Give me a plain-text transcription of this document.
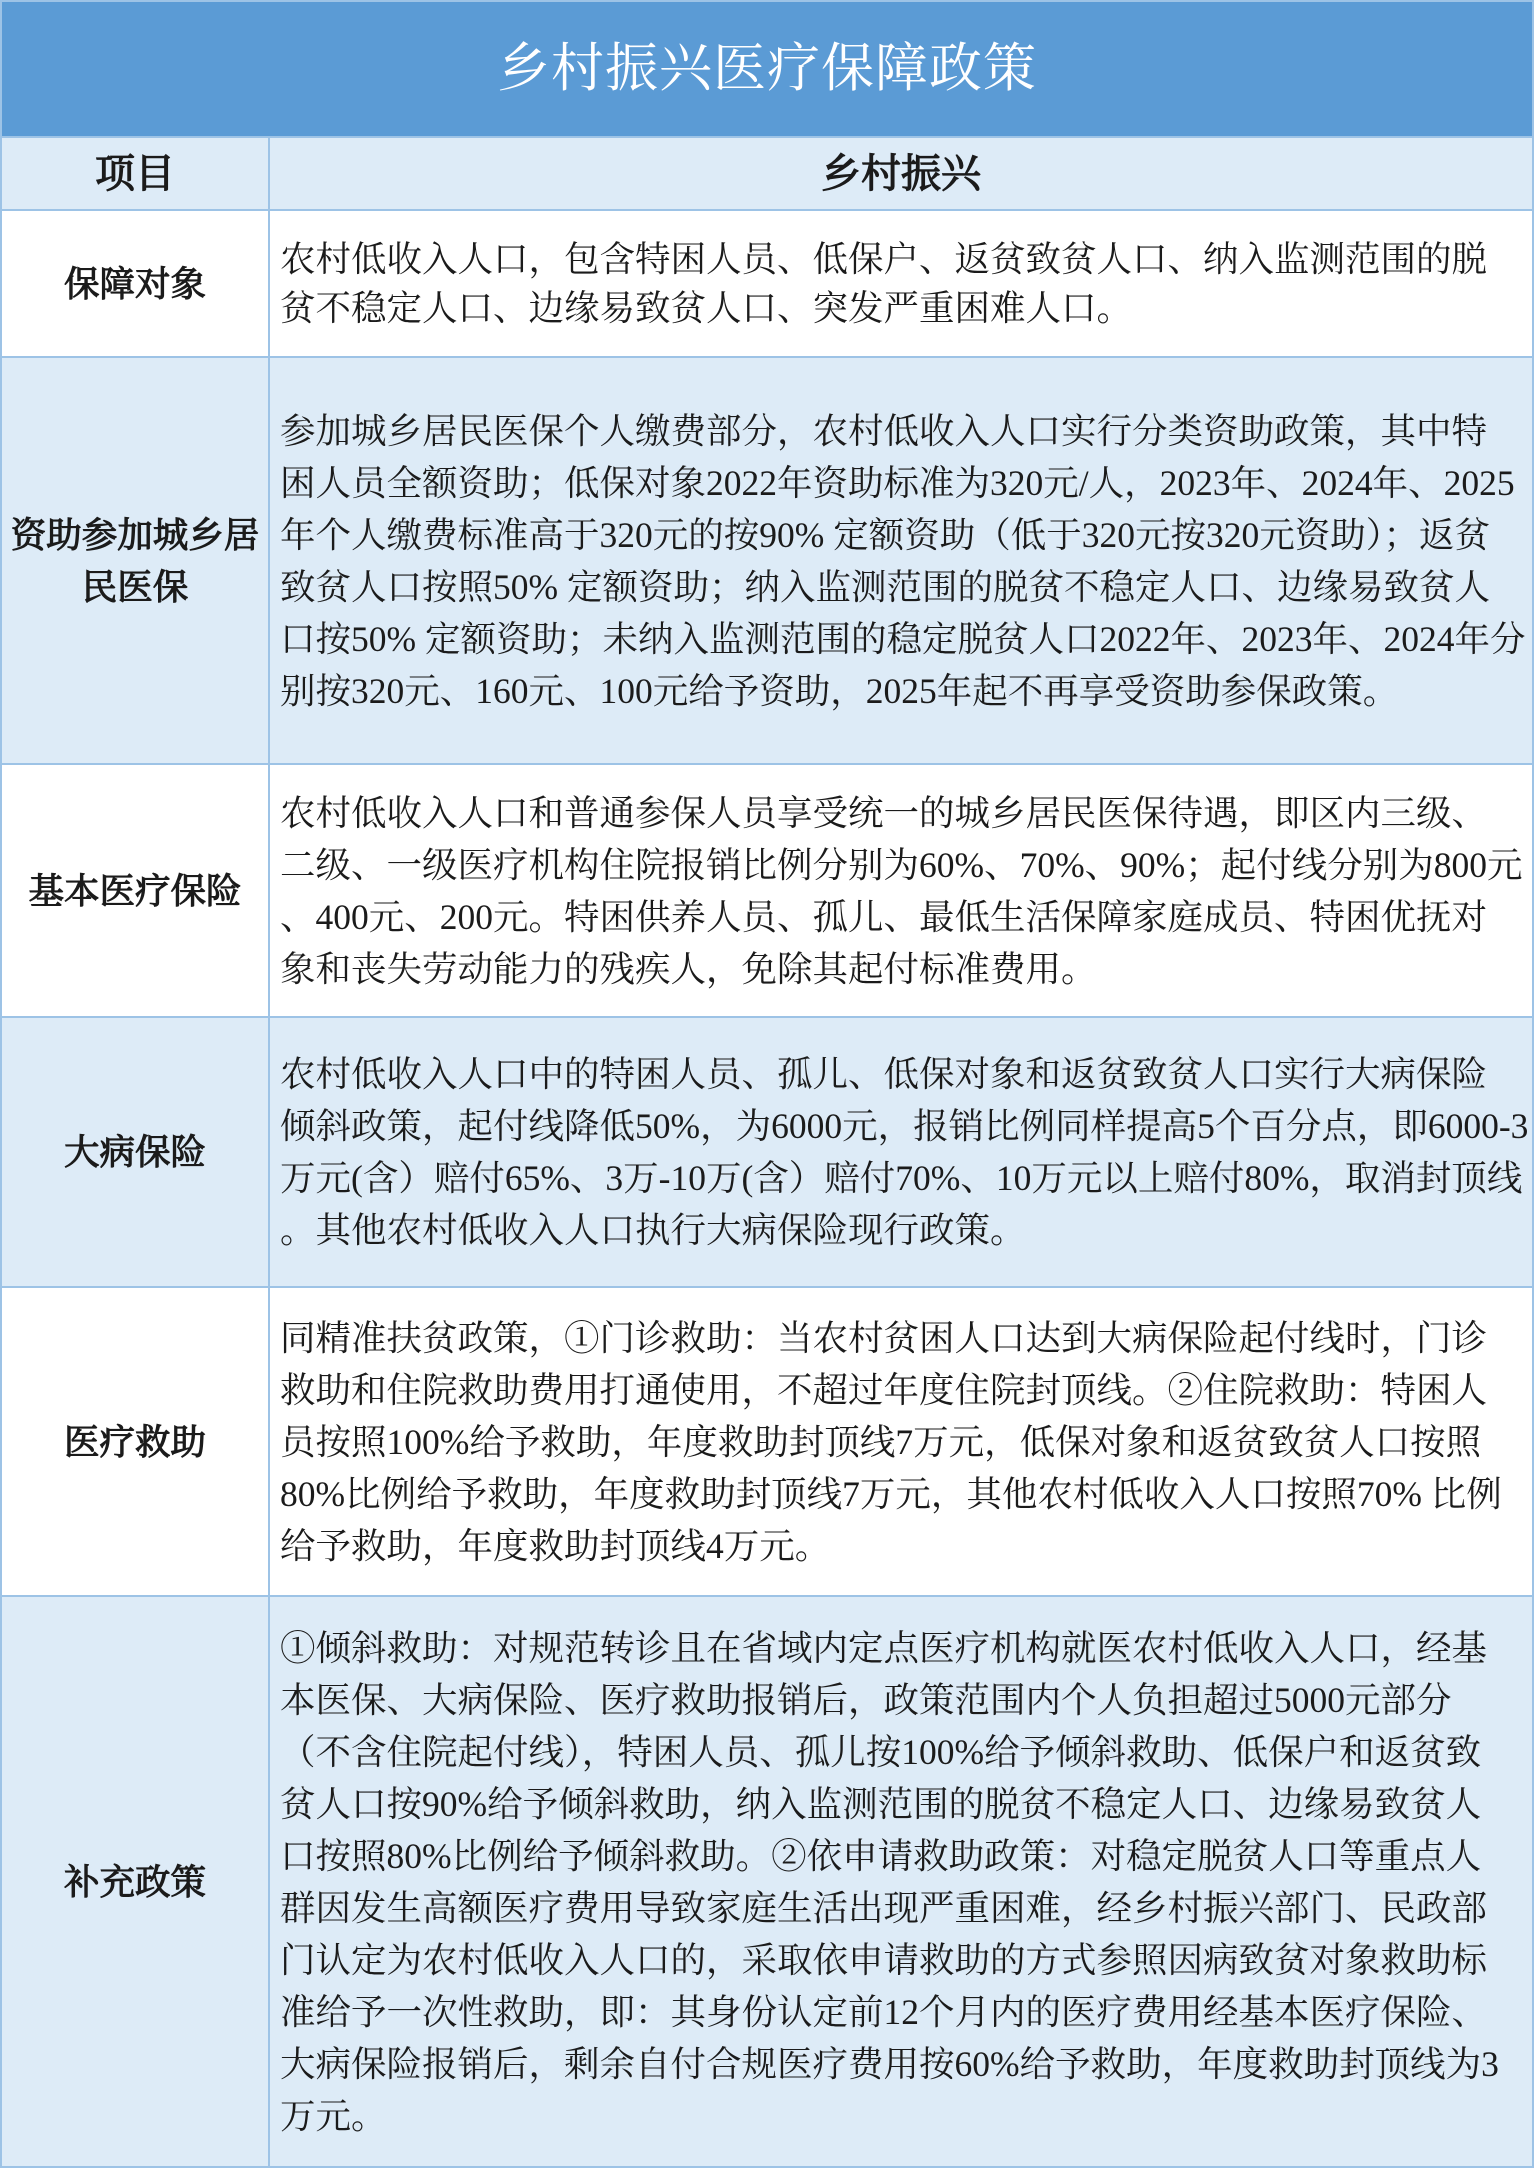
乡村振兴医疗保障政策
项目	乡村振兴
保障对象
农村低收入人口，包含特困人员、低保户、返贫致贫人口、纳入监测范围的脱
贫不稳定人口、边缘易致贫人口、突发严重困难人口。
资助参加城乡居民医保
参加城乡居民医保个人缴费部分，农村低收入人口实行分类资助政策，其中特
困人员全额资助；低保对象2022年资助标准为320元/人，2023年、2024年、2025
年个人缴费标准高于320元的按90% 定额资助（低于320元按320元资助）；返贫
致贫人口按照50% 定额资助；纳入监测范围的脱贫不稳定人口、边缘易致贫人
口按50% 定额资助；未纳入监测范围的稳定脱贫人口2022年、2023年、2024年分
别按320元、160元、100元给予资助，2025年起不再享受资助参保政策。
基本医疗保险
农村低收入人口和普通参保人员享受统一的城乡居民医保待遇，即区内三级、
二级、一级医疗机构住院报销比例分别为60%、70%、90%；起付线分别为800元
、400元、200元。特困供养人员、孤儿、最低生活保障家庭成员、特困优抚对
象和丧失劳动能力的残疾人，免除其起付标准费用。
大病保险
农村低收入人口中的特困人员、孤儿、低保对象和返贫致贫人口实行大病保险
倾斜政策，起付线降低50%，为6000元，报销比例同样提高5个百分点，即6000-3
万元(含）赔付65%、3万-10万(含）赔付70%、10万元以上赔付80%，取消封顶线
。其他农村低收入人口执行大病保险现行政策。
医疗救助
同精准扶贫政策，①门诊救助：当农村贫困人口达到大病保险起付线时，门诊
救助和住院救助费用打通使用，不超过年度住院封顶线。②住院救助：特困人
员按照100%给予救助，年度救助封顶线7万元，低保对象和返贫致贫人口按照
80%比例给予救助，年度救助封顶线7万元，其他农村低收入人口按照70% 比例
给予救助，年度救助封顶线4万元。
补充政策
①倾斜救助：对规范转诊且在省域内定点医疗机构就医农村低收入人口，经基
本医保、大病保险、医疗救助报销后，政策范围内个人负担超过5000元部分
（不含住院起付线），特困人员、孤儿按100%给予倾斜救助、低保户和返贫致
贫人口按90%给予倾斜救助，纳入监测范围的脱贫不稳定人口、边缘易致贫人
口按照80%比例给予倾斜救助。②依申请救助政策：对稳定脱贫人口等重点人
群因发生高额医疗费用导致家庭生活出现严重困难，经乡村振兴部门、民政部
门认定为农村低收入人口的，采取依申请救助的方式参照因病致贫对象救助标
准给予一次性救助，即：其身份认定前12个月内的医疗费用经基本医疗保险、
大病保险报销后，剩余自付合规医疗费用按60%给予救助，年度救助封顶线为3
万元。
